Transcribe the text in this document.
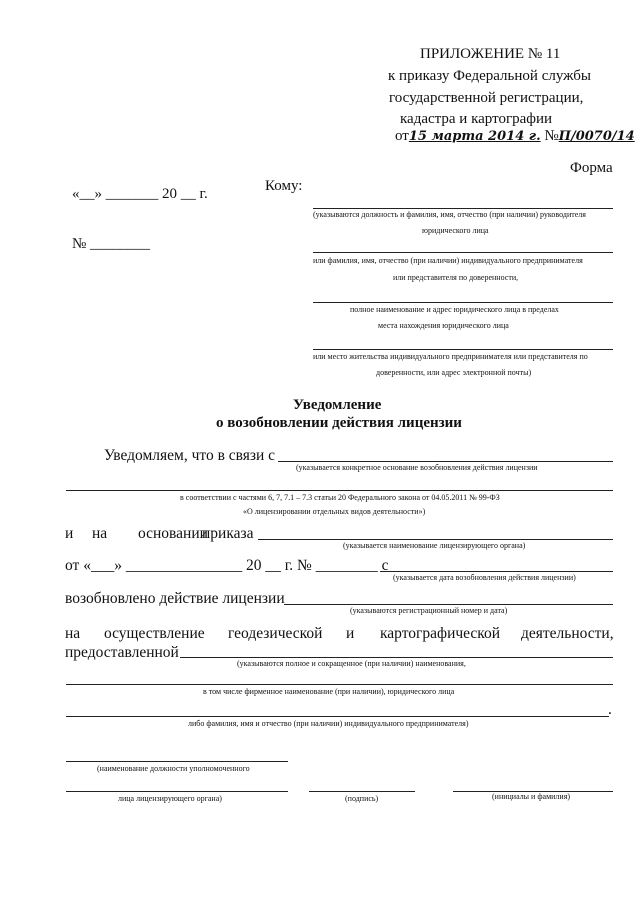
ПРИЛОЖЕНИЕ № 11
к приказу Федеральной службы
государственной регистрации,
кадастра и картографии
от15 марта 2014 г. №П/0070/14
Форма
«__» _______ 20 __ г.
№ ________
Кому:
(указываются должность и фамилия, имя, отчество (при наличии) руководителя
юридического лица
или фамилия, имя, отчество (при наличии) индивидуального предпринимателя
или представителя по доверенности,
полное наименование и адрес юридического лица в пределах
места нахождения юридического лица
или место жительства индивидуального предпринимателя или представителя по
доверенности, или адрес электронной почты)
Уведомление
о возобновлении действия лицензии
Уведомляем, что в связи с
(указывается конкретное основание возобновления действия лицензии
в соответствии с частями 6, 7, 7.1 – 7.3 статьи 20 Федерального закона от 04.05.2011 № 99-ФЗ
«О лицензировании отдельных видов деятельности»)
и на основании
приказа
(указывается наименование лицензирующего органа)
от «___» _______________ 20 __ г. № ________ с
(указывается дата возобновления действия лицензии)
возобновлено действие лицензии
(указываются регистрационный номер и дата)
на осуществление геодезической и картографической деятельности,
предоставленной
(указываются полное и сокращенное (при наличии) наименования,
в том числе фирменное наименование (при наличии), юридического лица
.
либо фамилия, имя и отчество (при наличии) индивидуального предпринимателя)
(наименование должности уполномоченного
лица лицензирующего органа)	(подпись)	(инициалы и фамилия)
